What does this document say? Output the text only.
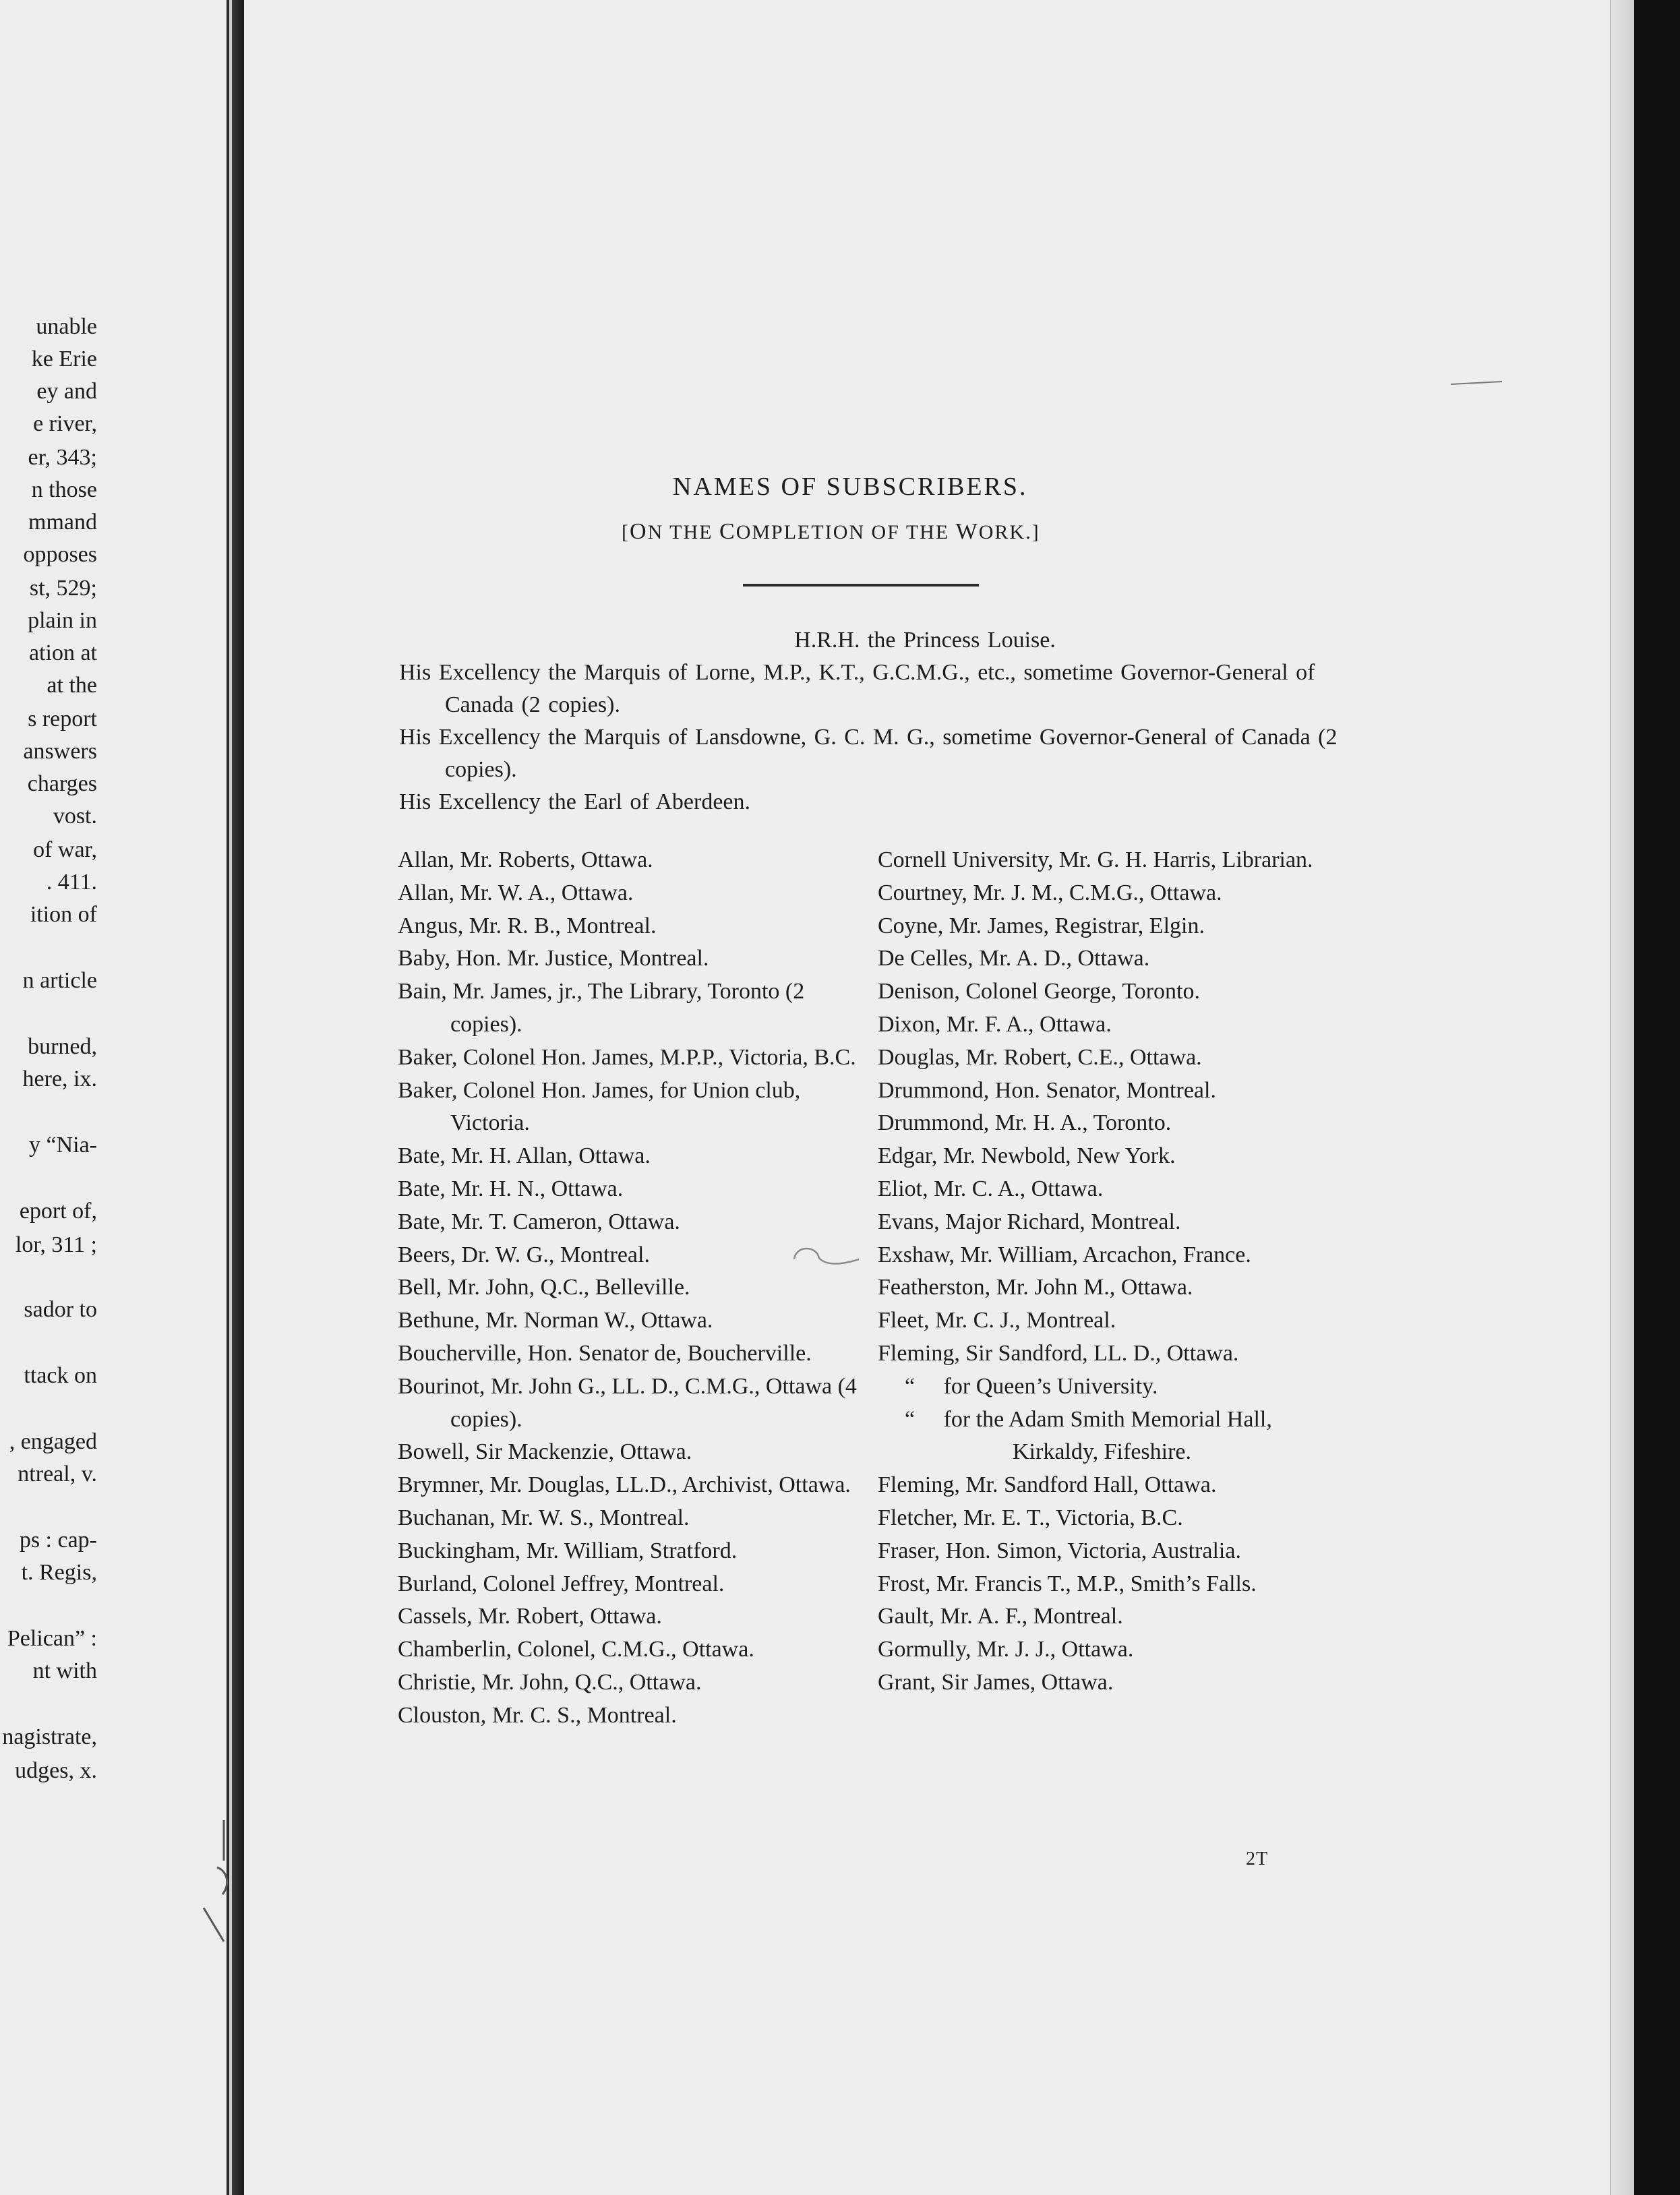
unable
ke Erie
ey and
e river,
er, 343;
n those
mmand
opposes
st, 529;
plain in
ation at
at the
s report
answers
charges
vost.
of war,
. 411.
ition of
n article
burned,
here, ix.
y “Nia-
eport of,
lor, 311 ;
sador to
ttack on
, engaged
ntreal, v.
ps : cap-
t. Regis,
Pelican” :
nt with
nagistrate,
udges, x.
NAMES OF SUBSCRIBERS.
[ON THE COMPLETION OF THE WORK.]
H.R.H. the Princess Louise.
His Excellency the Marquis of Lorne, M.P., K.T., G.C.M.G., etc., sometime Governor-General of Canada (2 copies).
His Excellency the Marquis of Lansdowne, G. C. M. G., sometime Governor-General of Canada (2 copies).
His Excellency the Earl of Aberdeen.
Allan, Mr. Roberts, Ottawa.
Allan, Mr. W. A., Ottawa.
Angus, Mr. R. B., Montreal.
Baby, Hon. Mr. Justice, Montreal.
Bain, Mr. James, jr., The Library, Toronto (2 copies).
Baker, Colonel Hon. James, M.P.P., Victoria, B.C.
Baker, Colonel Hon. James, for Union club, Victoria.
Bate, Mr. H. Allan, Ottawa.
Bate, Mr. H. N., Ottawa.
Bate, Mr. T. Cameron, Ottawa.
Beers, Dr. W. G., Montreal.
Bell, Mr. John, Q.C., Belleville.
Bethune, Mr. Norman W., Ottawa.
Boucherville, Hon. Senator de, Boucherville.
Bourinot, Mr. John G., LL. D., C.M.G., Ottawa (4 copies).
Bowell, Sir Mackenzie, Ottawa.
Brymner, Mr. Douglas, LL.D., Archivist, Ottawa.
Buchanan, Mr. W. S., Montreal.
Buckingham, Mr. William, Stratford.
Burland, Colonel Jeffrey, Montreal.
Cassels, Mr. Robert, Ottawa.
Chamberlin, Colonel, C.M.G., Ottawa.
Christie, Mr. John, Q.C., Ottawa.
Clouston, Mr. C. S., Montreal.
Cornell University, Mr. G. H. Harris, Librarian.
Courtney, Mr. J. M., C.M.G., Ottawa.
Coyne, Mr. James, Registrar, Elgin.
De Celles, Mr. A. D., Ottawa.
Denison, Colonel George, Toronto.
Dixon, Mr. F. A., Ottawa.
Douglas, Mr. Robert, C.E., Ottawa.
Drummond, Hon. Senator, Montreal.
Drummond, Mr. H. A., Toronto.
Edgar, Mr. Newbold, New York.
Eliot, Mr. C. A., Ottawa.
Evans, Major Richard, Montreal.
Exshaw, Mr. William, Arcachon, France.
Featherston, Mr. John M., Ottawa.
Fleet, Mr. C. J., Montreal.
Fleming, Sir Sandford, LL. D., Ottawa.
“     for Queen’s University.
“     for the Adam Smith Memorial Hall, Kirkaldy, Fifeshire.
Fleming, Mr. Sandford Hall, Ottawa.
Fletcher, Mr. E. T., Victoria, B.C.
Fraser, Hon. Simon, Victoria, Australia.
Frost, Mr. Francis T., M.P., Smith’s Falls.
Gault, Mr. A. F., Montreal.
Gormully, Mr. J. J., Ottawa.
Grant, Sir James, Ottawa.
2T
